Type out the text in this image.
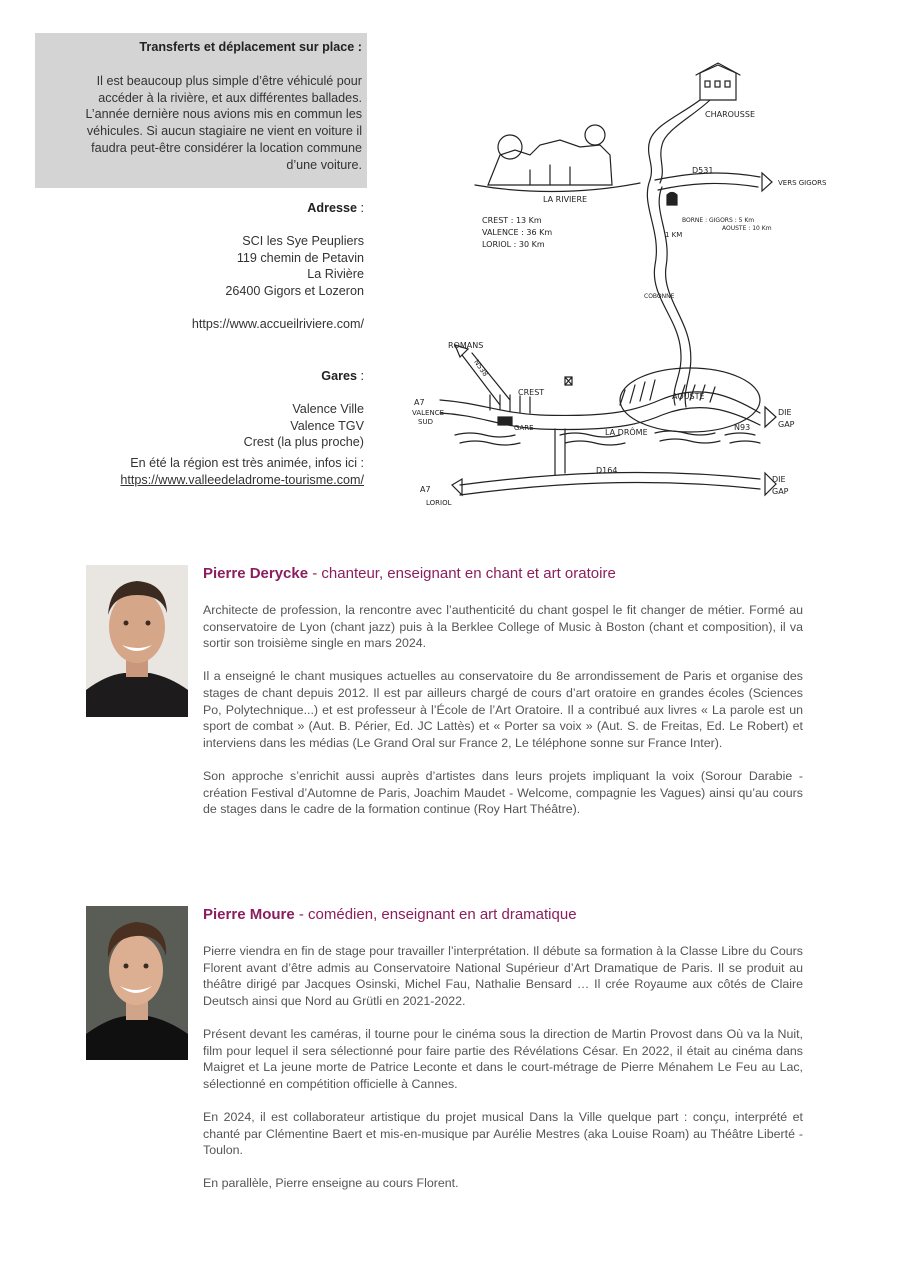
Transferts et déplacement sur place :
Il est beaucoup plus simple d’être véhiculé pour
accéder à la rivière, et aux différentes ballades.
L’année dernière nous avions mis en commun les
véhicules. Si aucun stagiaire ne vient en voiture il
faudra peut-être considérer la location commune
d’une voiture.
Adresse :
SCI les Sye Peupliers
119 chemin de Petavin
La Rivière
26400 Gigors et Lozeron
https://www.accueilriviere.com/
Gares :
Valence Ville
Valence TGV
Crest (la plus proche)
En été la région est très animée, infos ici :
https://www.valleedeladrome-tourisme.com/
CHAROUSSE
D531
VERS GIGORS
LA RIVIERE
CREST : 13 Km
VALENCE : 36 Km
LORIOL : 30 Km
BORNE : GIGORS : 5 Km
AOUSTE : 10 Km
1 KM
COBONNE
ROMANS
N538
CREST
A7
VALENCE
SUD
GARE	LA DRÔME
AOUSTE
N93
DIE
GAP
D164
DIE
GAP
A7
LORIOL
Pierre Derycke - chanteur, enseignant en chant et art oratoire

Architecte de profession, la rencontre avec l’authenticité du chant gospel le fit changer de métier. Formé au conservatoire de Lyon (chant jazz) puis à la Berklee College of Music à Boston (chant et composition), il va sortir son troisième single en mars 2024.

Il a enseigné le chant musiques actuelles au conservatoire du 8e arrondissement de Paris et organise des stages de chant depuis 2012. Il est par ailleurs chargé de cours d’art oratoire en grandes écoles (Sciences Po, Polytechnique...) et est professeur à l’École de l’Art Oratoire. Il a contribué aux livres « La parole est un sport de combat » (Aut. B. Périer, Ed. JC Lattès) et « Porter sa voix » (Aut. S. de Freitas, Ed. Le Robert) et interviens dans les médias (Le Grand Oral sur France 2, Le téléphone sonne sur France Inter).

Son approche s’enrichit aussi auprès d’artistes dans leurs projets impliquant la voix (Sorour Darabie - création Festival d’Automne de Paris, Joachim Maudet - Welcome, compagnie les Vagues) ainsi qu’au cours de stages dans le cadre de la formation continue (Roy Hart Théâtre).

Pierre Moure - comédien, enseignant en art dramatique

Pierre viendra en fin de stage pour travailler l’interprétation. Il débute sa formation à la Classe Libre du Cours Florent avant d’être admis au Conservatoire National Supérieur d’Art Dramatique de Paris. Il se produit au théâtre dirigé par Jacques Osinski, Michel Fau, Nathalie Bensard … Il crée Royaume aux côtés de Claire Deutsch ainsi que Nord au Grütli en 2021-2022.

Présent devant les caméras, il tourne pour le cinéma sous la direction de Martin Provost dans Où va la Nuit, film pour lequel il sera sélectionné pour faire partie des Révélations César. En 2022, il était au cinéma dans Maigret et La jeune morte de Patrice Leconte et dans le court-métrage de Pierre Ménahem Le Feu au Lac, sélectionné en compétition officielle à Cannes.

En 2024, il est collaborateur artistique du projet musical Dans la Ville quelque part : conçu, interprété et chanté par Clémentine Baert et mis-en-musique par Aurélie Mestres (aka Louise Roam) au Théâtre Liberté - Toulon.

En parallèle, Pierre enseigne au cours Florent.
